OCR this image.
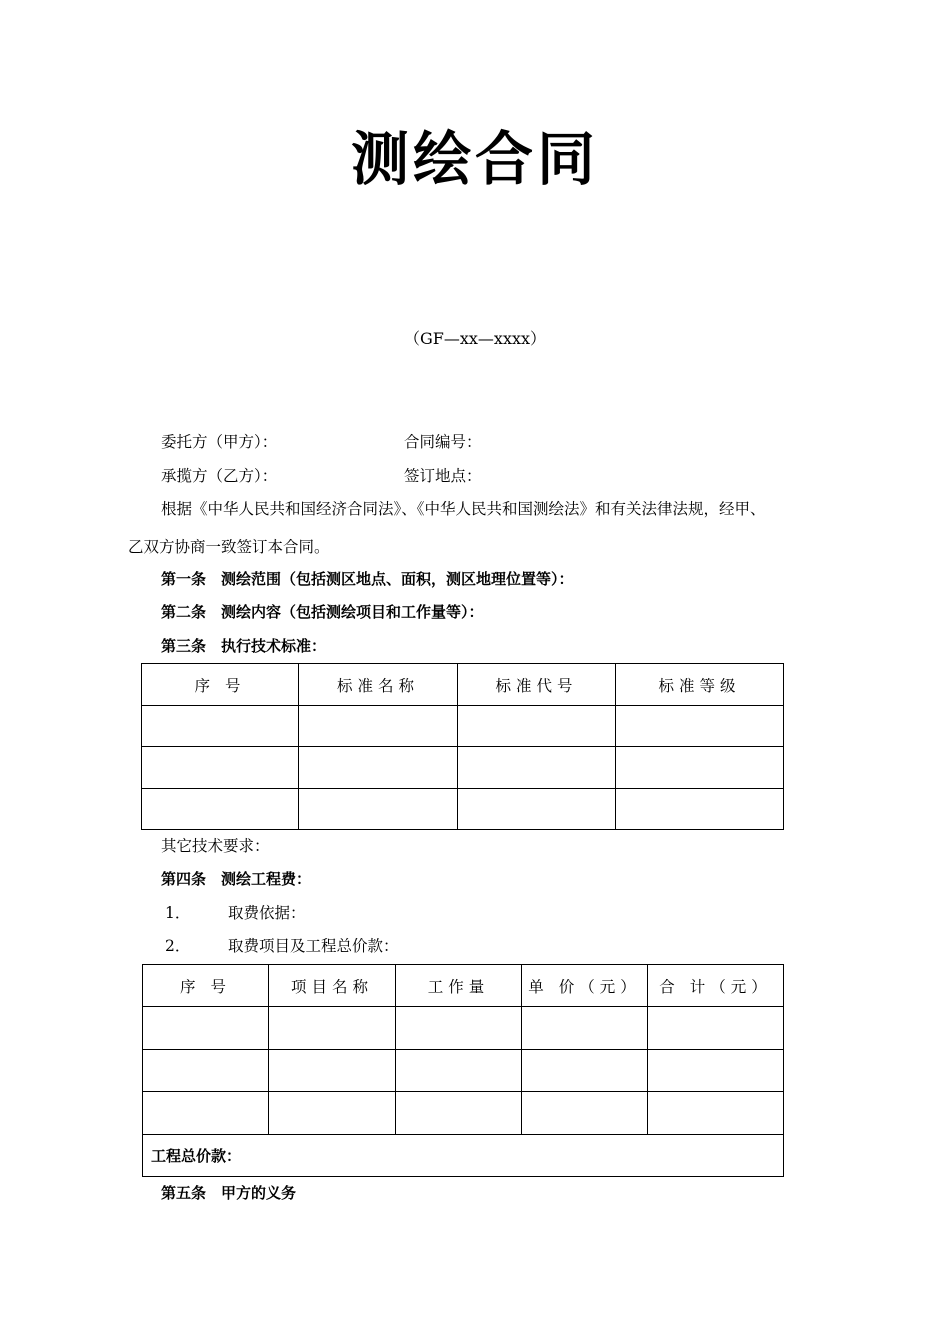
测绘合同
（GF—xx—xxxx）
委托方（甲方）：	合同编号：
承揽方（乙方）：	签订地点：
根据《中华人民共和国经济合同法》、《中华人民共和国测绘法》和有关法律法规，经甲、
乙双方协商一致签订本合同。
第一条　测绘范围（包括测区地点、面积，测区地理位置等）：
第二条　测绘内容（包括测绘项目和工作量等）：
第三条　执行技术标准：
序 号	标准名称	标准代号	标准等级

其它技术要求：
第四条　测绘工程费：
1． 取费依据：
2． 取费项目及工程总价款：
序 号	项目名称	工作量	单 价（元）	合 计（元）

工程总价款：				
第五条　甲方的义务
